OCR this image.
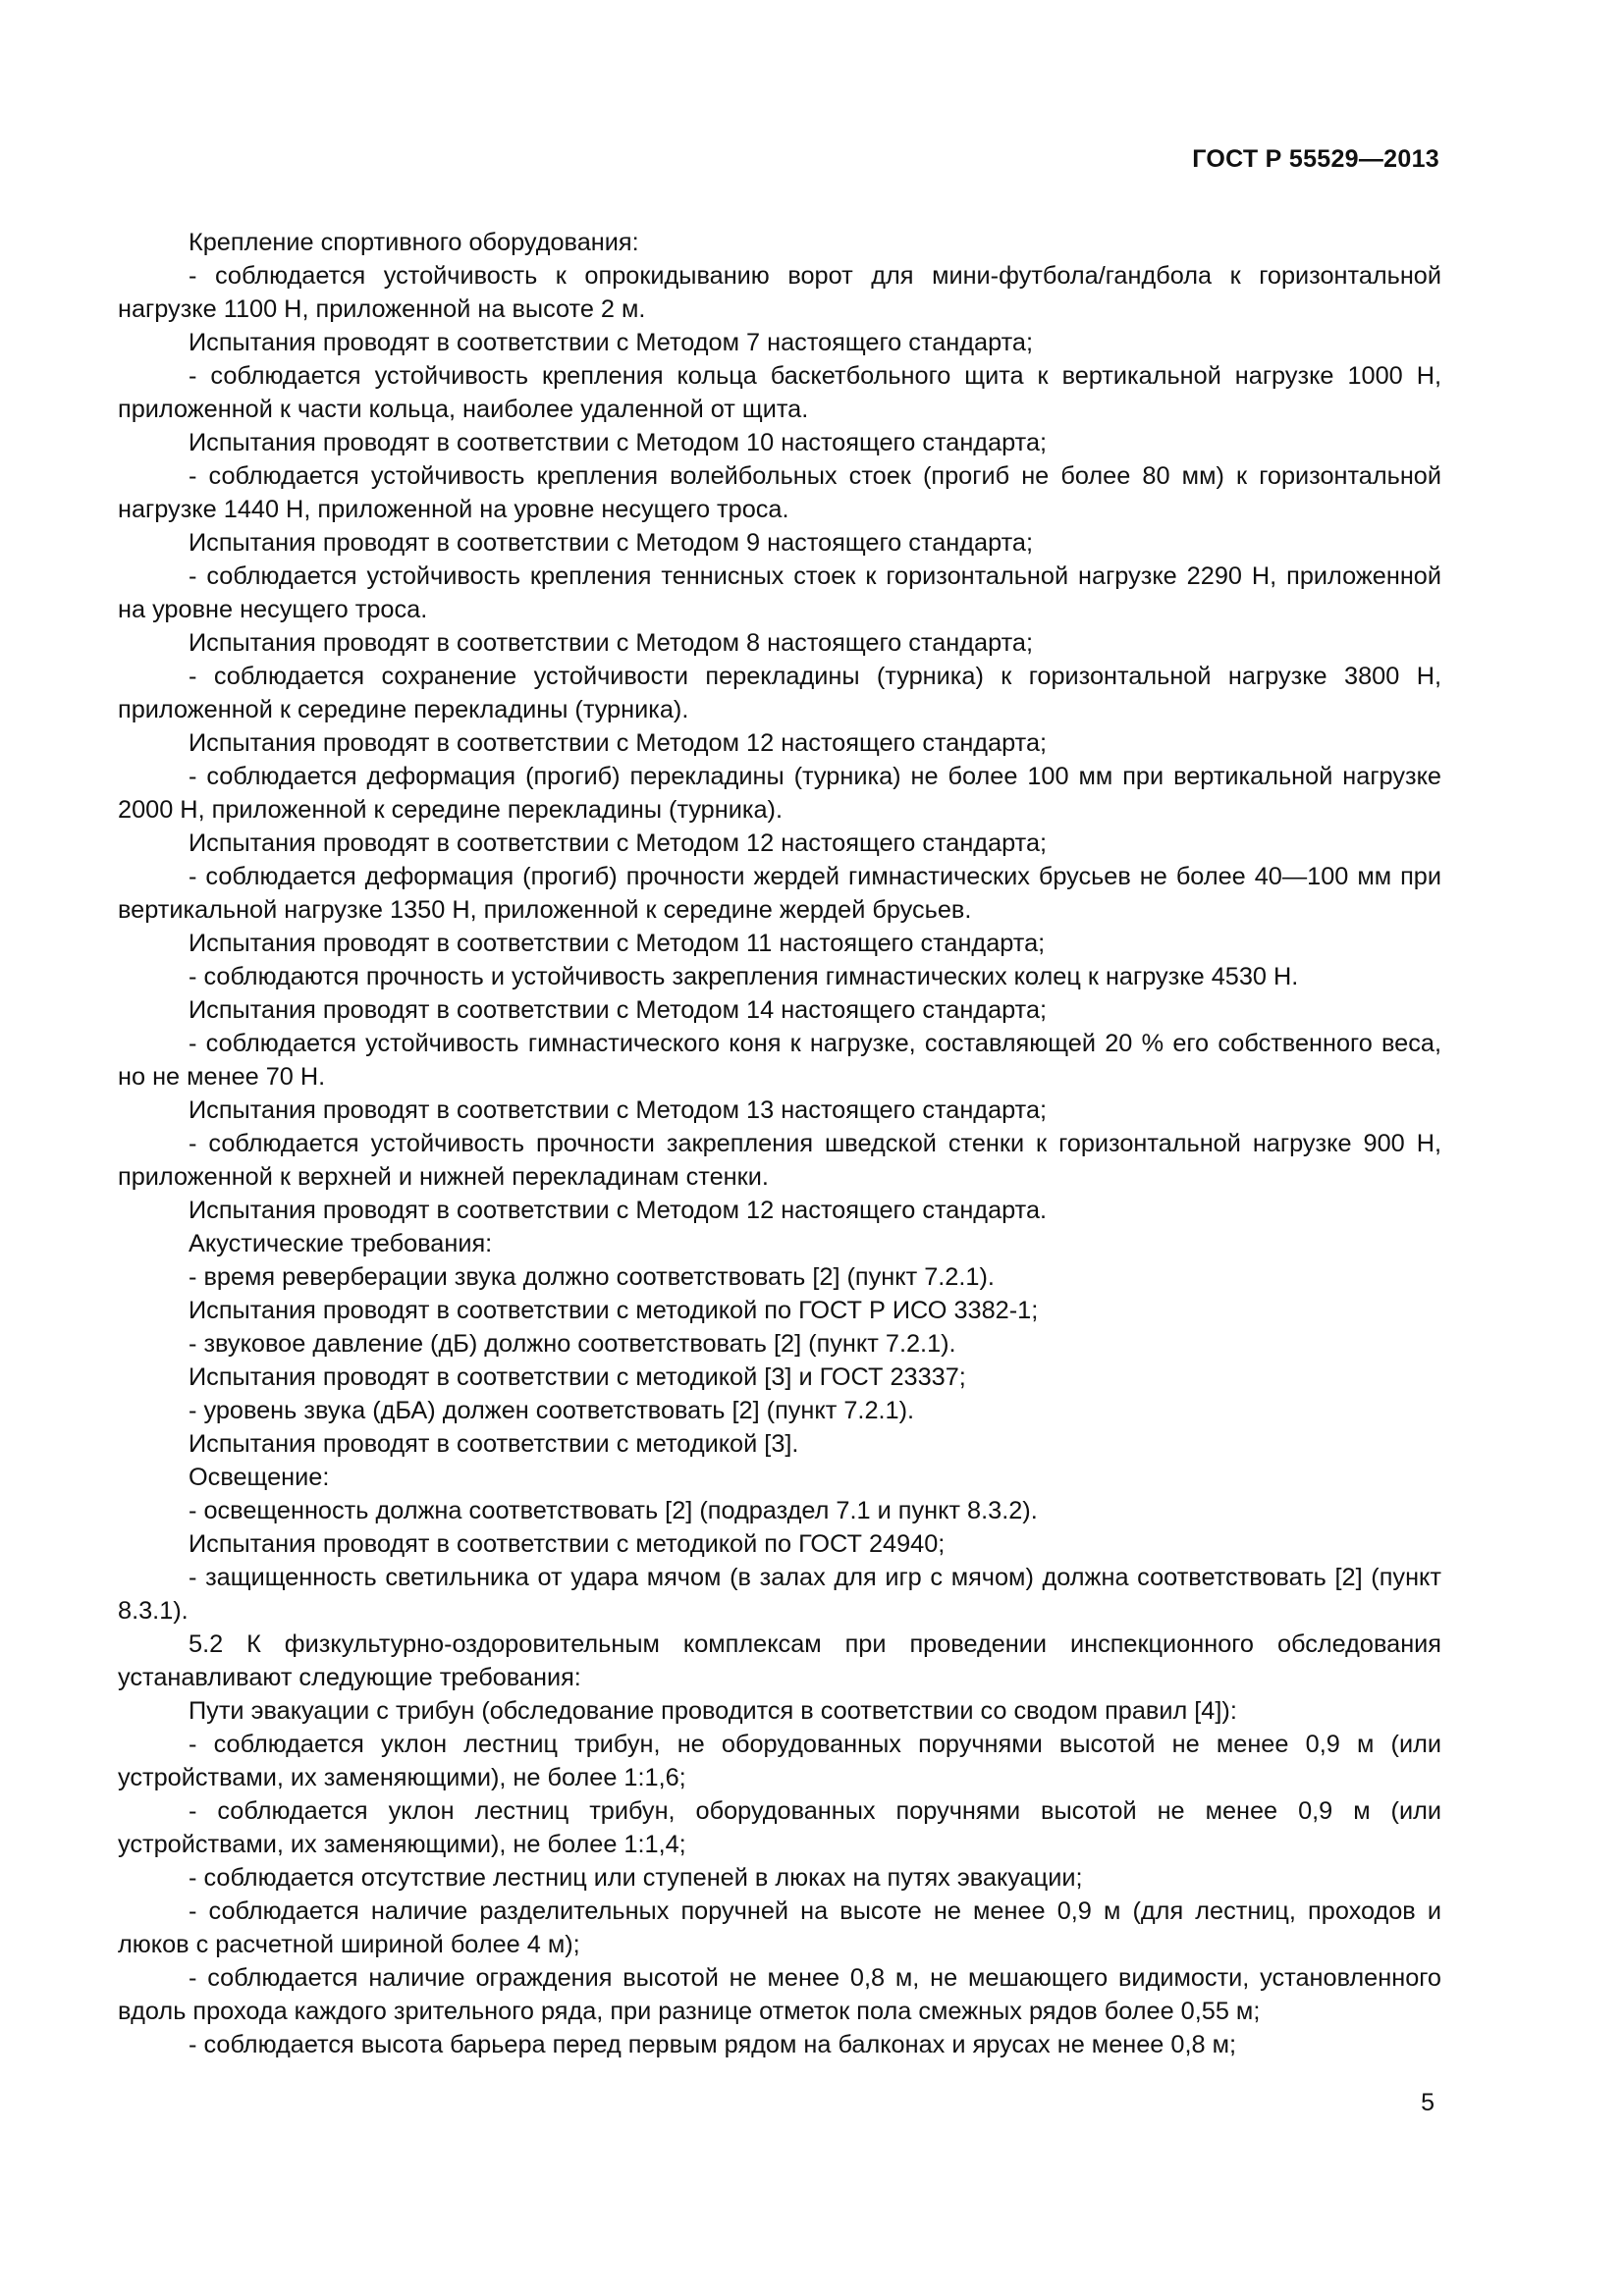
ГОСТ Р 55529—2013

Крепление спортивного оборудования:

- соблюдается устойчивость к опрокидыванию ворот для мини-футбола/гандбола к горизонтальной нагрузке 1100 Н, приложенной на высоте 2 м.

Испытания проводят в соответствии с Методом 7 настоящего стандарта;

- соблюдается устойчивость крепления кольца баскетбольного щита к вертикальной нагрузке 1000 Н, приложенной к части кольца, наиболее удаленной от щита.

Испытания проводят в соответствии с Методом 10 настоящего стандарта;

- соблюдается устойчивость крепления волейбольных стоек (прогиб не более 80 мм) к горизонтальной нагрузке 1440 Н, приложенной на уровне несущего троса.

Испытания проводят в соответствии с Методом 9 настоящего стандарта;

- соблюдается устойчивость крепления теннисных стоек к горизонтальной нагрузке 2290 Н, приложенной на уровне несущего троса.

Испытания проводят в соответствии с Методом 8 настоящего стандарта;

- соблюдается сохранение устойчивости перекладины (турника) к горизонтальной нагрузке 3800 Н, приложенной к середине перекладины (турника).

Испытания проводят в соответствии с Методом 12 настоящего стандарта;

- соблюдается деформация (прогиб) перекладины (турника) не более 100 мм при вертикальной нагрузке 2000 Н, приложенной к середине перекладины (турника).

Испытания проводят в соответствии с Методом 12 настоящего стандарта;

- соблюдается деформация (прогиб) прочности жердей гимнастических брусьев не более 40—100 мм при вертикальной нагрузке 1350 Н, приложенной к середине жердей брусьев.

Испытания проводят в соответствии с Методом 11 настоящего стандарта;

- соблюдаются прочность и устойчивость закрепления гимнастических колец к нагрузке 4530 Н.

Испытания проводят в соответствии с Методом 14 настоящего стандарта;

- соблюдается устойчивость гимнастического коня к нагрузке, составляющей 20 % его собственного веса, но не менее 70 Н.

Испытания проводят в соответствии с Методом 13 настоящего стандарта;

- соблюдается устойчивость прочности закрепления шведской стенки к горизонтальной нагрузке 900 Н, приложенной к верхней и нижней перекладинам стенки.

Испытания проводят в соответствии с Методом 12 настоящего стандарта.

Акустические требования:

- время реверберации звука должно соответствовать [2] (пункт 7.2.1).

Испытания проводят в соответствии с методикой по ГОСТ Р ИСО 3382-1;

- звуковое давление (дБ) должно соответствовать [2] (пункт 7.2.1).

Испытания проводят в соответствии с методикой [3] и ГОСТ 23337;

- уровень звука (дБА) должен соответствовать [2] (пункт 7.2.1).

Испытания проводят в соответствии с методикой [3].

Освещение:

- освещенность должна соответствовать [2] (подраздел 7.1 и пункт 8.3.2).

Испытания проводят в соответствии с методикой по ГОСТ 24940;

- защищенность светильника от удара мячом (в залах для игр с мячом) должна соответствовать [2] (пункт 8.3.1).

5.2 К физкультурно-оздоровительным комплексам при проведении инспекционного обследования устанавливают следующие требования:

Пути эвакуации с трибун (обследование проводится в соответствии со сводом правил [4]):

- соблюдается уклон лестниц трибун, не оборудованных поручнями высотой не менее 0,9 м (или устройствами, их заменяющими), не более 1:1,6;

- соблюдается уклон лестниц трибун, оборудованных поручнями высотой не менее 0,9 м (или устройствами, их заменяющими), не более 1:1,4;

- соблюдается отсутствие лестниц или ступеней в люках на путях эвакуации;

- соблюдается наличие разделительных поручней на высоте не менее 0,9 м (для лестниц, проходов и люков с расчетной шириной более 4 м);

- соблюдается наличие ограждения высотой не менее 0,8 м, не мешающего видимости, установленного вдоль прохода каждого зрительного ряда, при разнице отметок пола смежных рядов более 0,55 м;

- соблюдается высота барьера перед первым рядом на балконах и ярусах не менее 0,8 м;

5
